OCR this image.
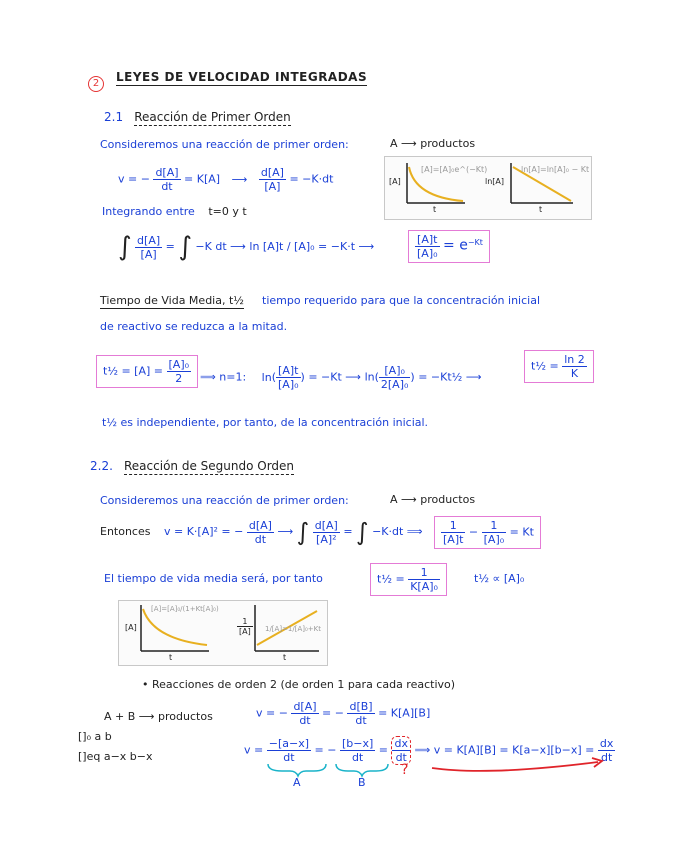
2	LEYES DE VELOCIDAD INTEGRADAS
2.1 Reacción de Primer Orden
Consideremos una reacción de primer orden:	A ⟶ productos
v = − $\frac{d[A]}{dt} = K[A]$ ⟶ $\frac{d[A]}{[A]} = -K\cdot dt$	[A]
t
[A]=[A]₀e^(−Kt)
ln[A]
t
ln[A]=ln[A]₀ − Kt
Integrando entre t=0 y t
∫ $\frac{d[A]}{[A]}$ = ∫ −K dt ⟶ ln [A]t / [A]₀ = −K·t ⟶	$\frac{[A]t}{\text{[A]₀}} = e^{-Kt}$
Tiempo de Vida Media, t½ tiempo requerido para que la concentración inicial
de reactivo se reduzca a la mitad.
t½ = $[A] = \frac{\text{[A]₀}}{2}$ ⟹ n=1: $\ln( \frac{[A]t}{\text{[A]₀}}$ ) = −Kt ⟶ $\ln( \frac{\text{[A]₀}}{\text{2[A]₀}}$ ) = −Kt½ ⟶
t½ = $\frac{\ln 2}{K}$
t½ es independiente, por tanto, de la concentración inicial.
2.2. Reacción de Segundo Orden
Consideremos una reacción de primer orden:	A ⟶ productos
Entonces v = K·[A]² = − $\frac{d[A]}{dt}$ ⟶ ∫ $\frac{d[A]}{\text{[A]²}}$ = ∫ −K·dt ⟹ $\frac{1}{[A]t} - \frac{1}{\text{[A]₀}} = Kt$
El tiempo de vida media será, por tanto	t½ = $\frac{1}{\text{K[A]₀}}$	t½ ∝ [A]₀
[A]
t
[A]=[A]₀/(1+Kt[A]₀)
$\frac{1}{[A]}$
t
1/[A]=1/[A]₀+Kt
• Reacciones de orden 2 (de orden 1 para cada reactivo)
A + B ⟶ productos
[]₀ a b
[]eq a−x b−x
v = − $\frac{d[A]}{dt}$ = − $\frac{d[B]}{dt} = K[A][B]$
$v = \frac{-[a-x]}{dt}$ = − $\frac{[b-x]}{dt} = \frac{dx}{dt}$ ⟹ $v = K[A][B] = K[a-x][b-x] = \frac{dx}{dt}$
A	B
?
